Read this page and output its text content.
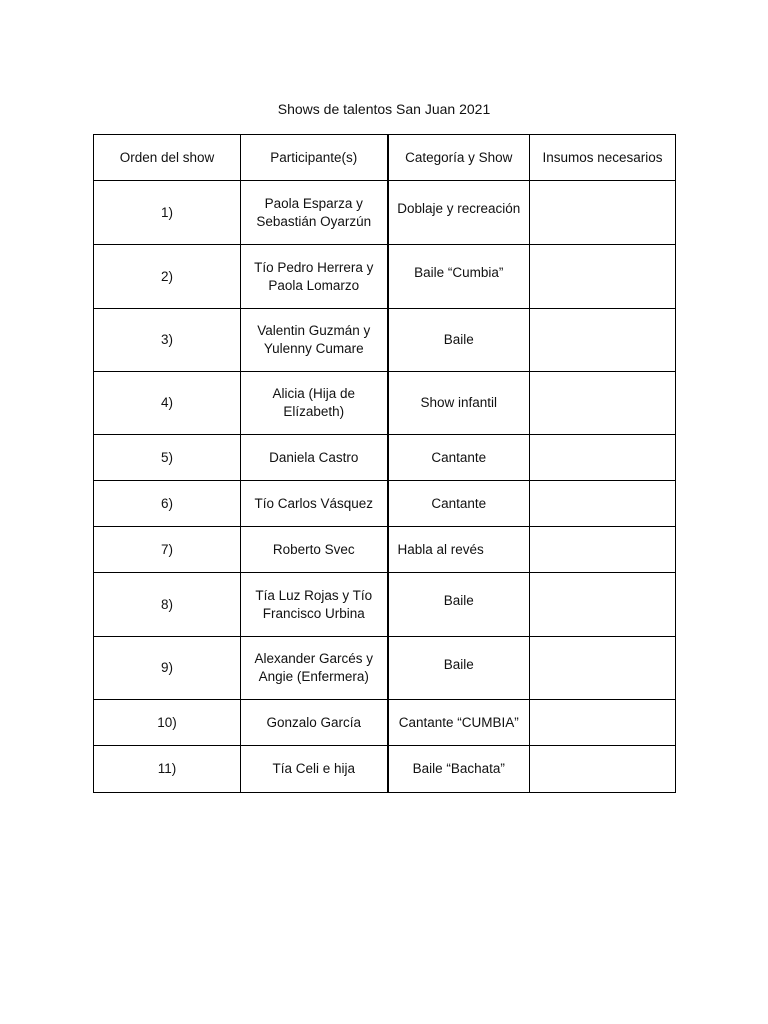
Shows de talentos San Juan 2021
Orden del show	Participante(s)	Categoría y Show	Insumos necesarios
1)	Paola Esparza y Sebastián Oyarzún	Doblaje y recreación	
2)	Tío Pedro Herrera y Paola Lomarzo	Baile “Cumbia”	
3)	Valentin Guzmán y Yulenny Cumare	Baile	
4)	Alicia (Hija de Elízabeth)	Show infantil	
5)	Daniela Castro	Cantante	
6)	Tío Carlos Vásquez	Cantante	
7)	Roberto Svec	Habla al revés	
8)	Tía Luz Rojas y Tío Francisco Urbina	Baile	
9)	Alexander Garcés y Angie (Enfermera)	Baile	
10)	Gonzalo García	Cantante “CUMBIA”	
11)	Tía Celi e hija	Baile “Bachata”	
